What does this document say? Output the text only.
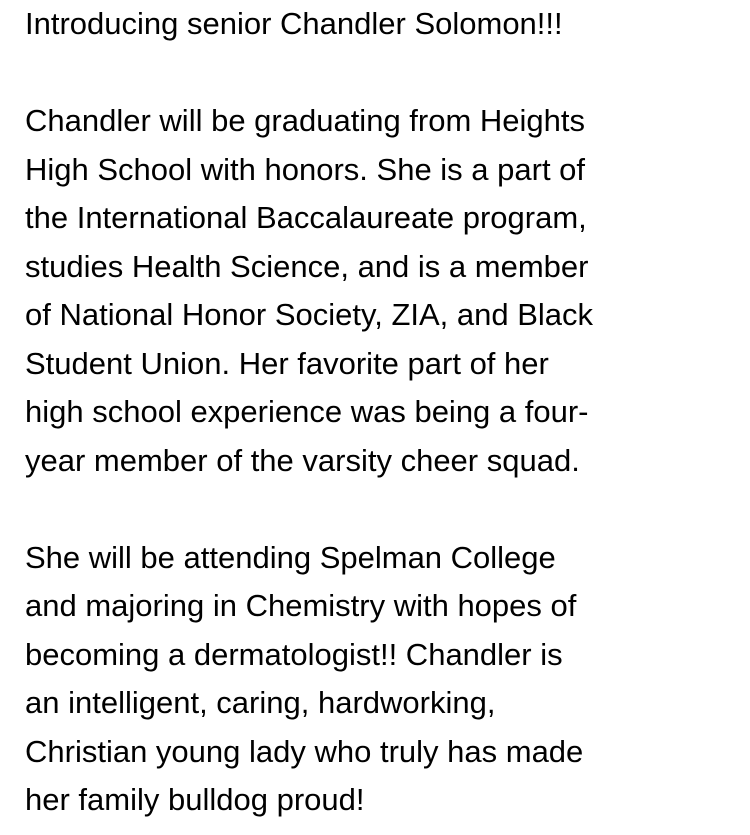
Introducing senior Chandler Solomon!!!
Chandler will be graduating from Heights
High School with honors. She is a part of
the International Baccalaureate program,
studies Health Science, and is a member
of National Honor Society, ZIA, and Black
Student Union. Her favorite part of her
high school experience was being a four-
year member of the varsity cheer squad.
She will be attending Spelman College
and majoring in Chemistry with hopes of
becoming a dermatologist!! Chandler is
an intelligent, caring, hardworking,
Christian young lady who truly has made
her family bulldog proud!
